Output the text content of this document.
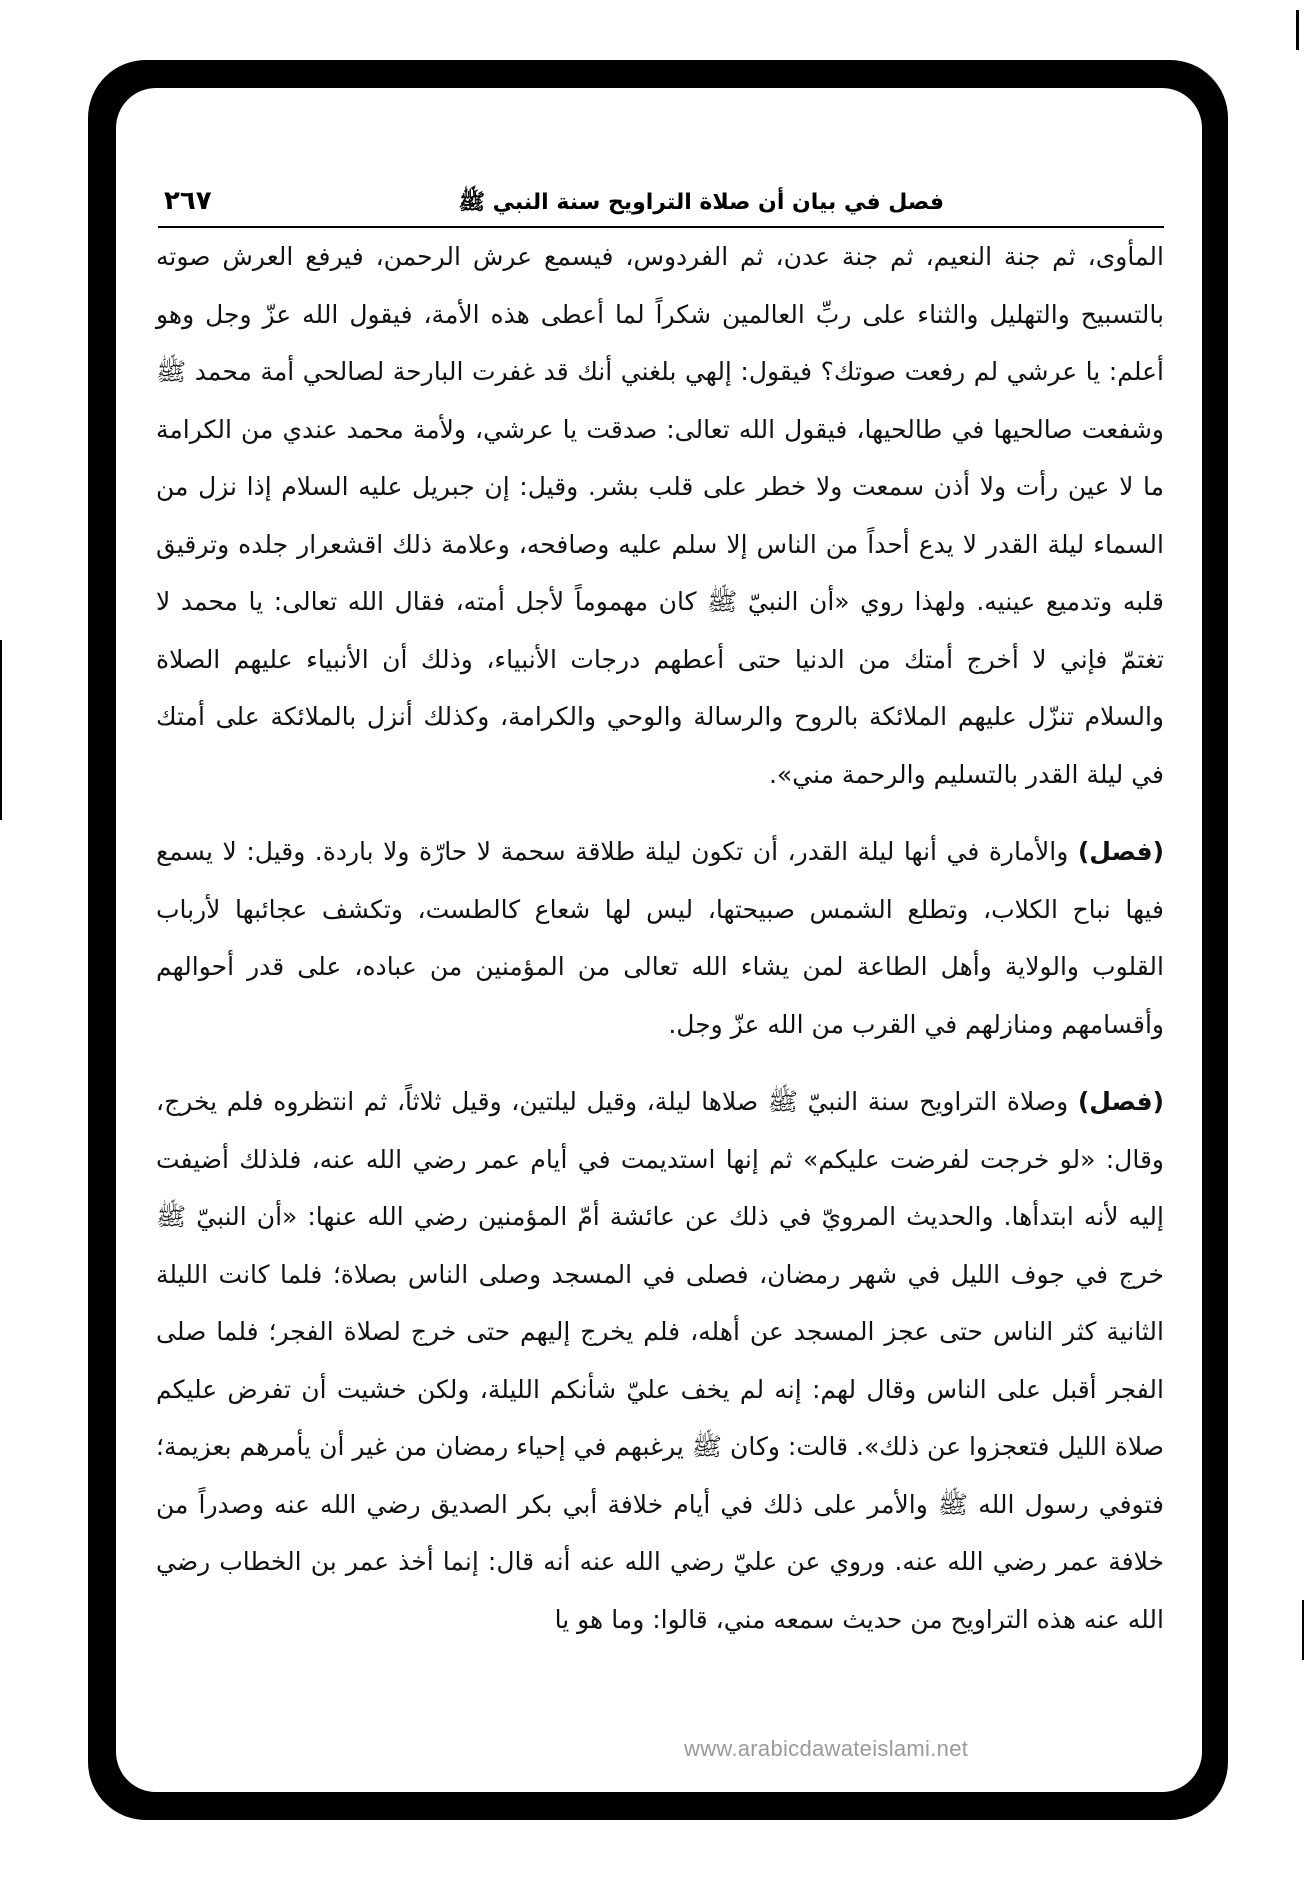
فصل في بيان أن صلاة التراويح سنة النبي ﷺ
٢٦٧

المأوى، ثم جنة النعيم، ثم جنة عدن، ثم الفردوس، فيسمع عرش الرحمن، فيرفع العرش صوته بالتسبيح والتهليل والثناء على ربِّ العالمين شكراً لما أعطى هذه الأمة، فيقول الله عزّ وجل وهو أعلم: يا عرشي لم رفعت صوتك؟ فيقول: إلهي بلغني أنك قد غفرت البارحة لصالحي أمة محمد ﷺ وشفعت صالحيها في طالحيها، فيقول الله تعالى: صدقت يا عرشي، ولأمة محمد عندي من الكرامة ما لا عين رأت ولا أذن سمعت ولا خطر على قلب بشر. وقيل: إن جبريل عليه السلام إذا نزل من السماء ليلة القدر لا يدع أحداً من الناس إلا سلم عليه وصافحه، وعلامة ذلك اقشعرار جلده وترقيق قلبه وتدميع عينيه. ولهذا روي «أن النبيّ ﷺ كان مهموماً لأجل أمته، فقال الله تعالى: يا محمد لا تغتمّ فإني لا أخرج أمتك من الدنيا حتى أعطهم درجات الأنبياء، وذلك أن الأنبياء عليهم الصلاة والسلام تنزّل عليهم الملائكة بالروح والرسالة والوحي والكرامة، وكذلك أنزل بالملائكة على أمتك في ليلة القدر بالتسليم والرحمة مني».

(فصل) والأمارة في أنها ليلة القدر، أن تكون ليلة طلاقة سحمة لا حارّة ولا باردة. وقيل: لا يسمع فيها نباح الكلاب، وتطلع الشمس صبيحتها، ليس لها شعاع كالطست، وتكشف عجائبها لأرباب القلوب والولاية وأهل الطاعة لمن يشاء الله تعالى من المؤمنين من عباده، على قدر أحوالهم وأقسامهم ومنازلهم في القرب من الله عزّ وجل.

(فصل) وصلاة التراويح سنة النبيّ ﷺ صلاها ليلة، وقيل ليلتين، وقيل ثلاثاً، ثم انتظروه فلم يخرج، وقال: «لو خرجت لفرضت عليكم» ثم إنها استديمت في أيام عمر رضي الله عنه، فلذلك أضيفت إليه لأنه ابتدأها. والحديث المرويّ في ذلك عن عائشة أمّ المؤمنين رضي الله عنها: «أن النبيّ ﷺ خرج في جوف الليل في شهر رمضان، فصلى في المسجد وصلى الناس بصلاة؛ فلما كانت الليلة الثانية كثر الناس حتى عجز المسجد عن أهله، فلم يخرج إليهم حتى خرج لصلاة الفجر؛ فلما صلى الفجر أقبل على الناس وقال لهم: إنه لم يخف عليّ شأنكم الليلة، ولكن خشيت أن تفرض عليكم صلاة الليل فتعجزوا عن ذلك». قالت: وكان ﷺ يرغبهم في إحياء رمضان من غير أن يأمرهم بعزيمة؛ فتوفي رسول الله ﷺ والأمر على ذلك في أيام خلافة أبي بكر الصديق رضي الله عنه وصدراً من خلافة عمر رضي الله عنه. وروي عن عليّ رضي الله عنه أنه قال: إنما أخذ عمر بن الخطاب رضي الله عنه هذه التراويح من حديث سمعه مني، قالوا: وما هو يا

www.arabicdawateislami.net
